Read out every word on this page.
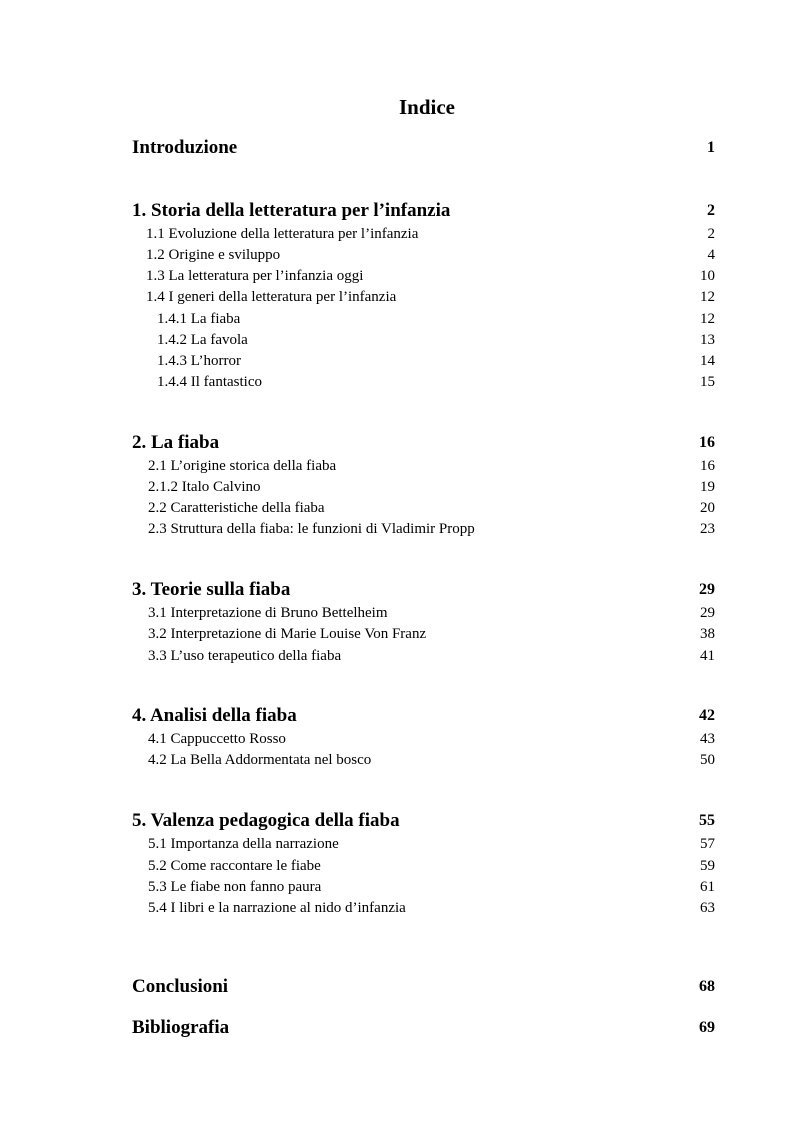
Indice
Introduzione	1
1. Storia della letteratura per l’infanzia	2
1.1 Evoluzione della letteratura per l’infanzia	2
1.2 Origine e sviluppo	4
1.3 La letteratura per l’infanzia oggi	10
1.4 I generi della letteratura per l’infanzia	12
1.4.1 La fiaba	12
1.4.2 La favola	13
1.4.3 L’horror	14
1.4.4 Il fantastico	15
2. La fiaba	16
2.1 L’origine storica della fiaba	16
2.1.2 Italo Calvino	19
2.2 Caratteristiche della fiaba	20
2.3 Struttura della fiaba: le funzioni di Vladimir Propp	23
3. Teorie sulla fiaba	29
3.1 Interpretazione di Bruno Bettelheim	29
3.2 Interpretazione di Marie Louise Von Franz	38
3.3 L’uso terapeutico della fiaba	41
4. Analisi della fiaba	42
4.1 Cappuccetto Rosso	43
4.2 La Bella Addormentata nel bosco	50
5. Valenza pedagogica della fiaba	55
5.1 Importanza della narrazione	57
5.2 Come raccontare le fiabe	59
5.3 Le fiabe non fanno paura	61
5.4 I libri e la narrazione al nido d’infanzia	63
Conclusioni	68
Bibliografia	69
